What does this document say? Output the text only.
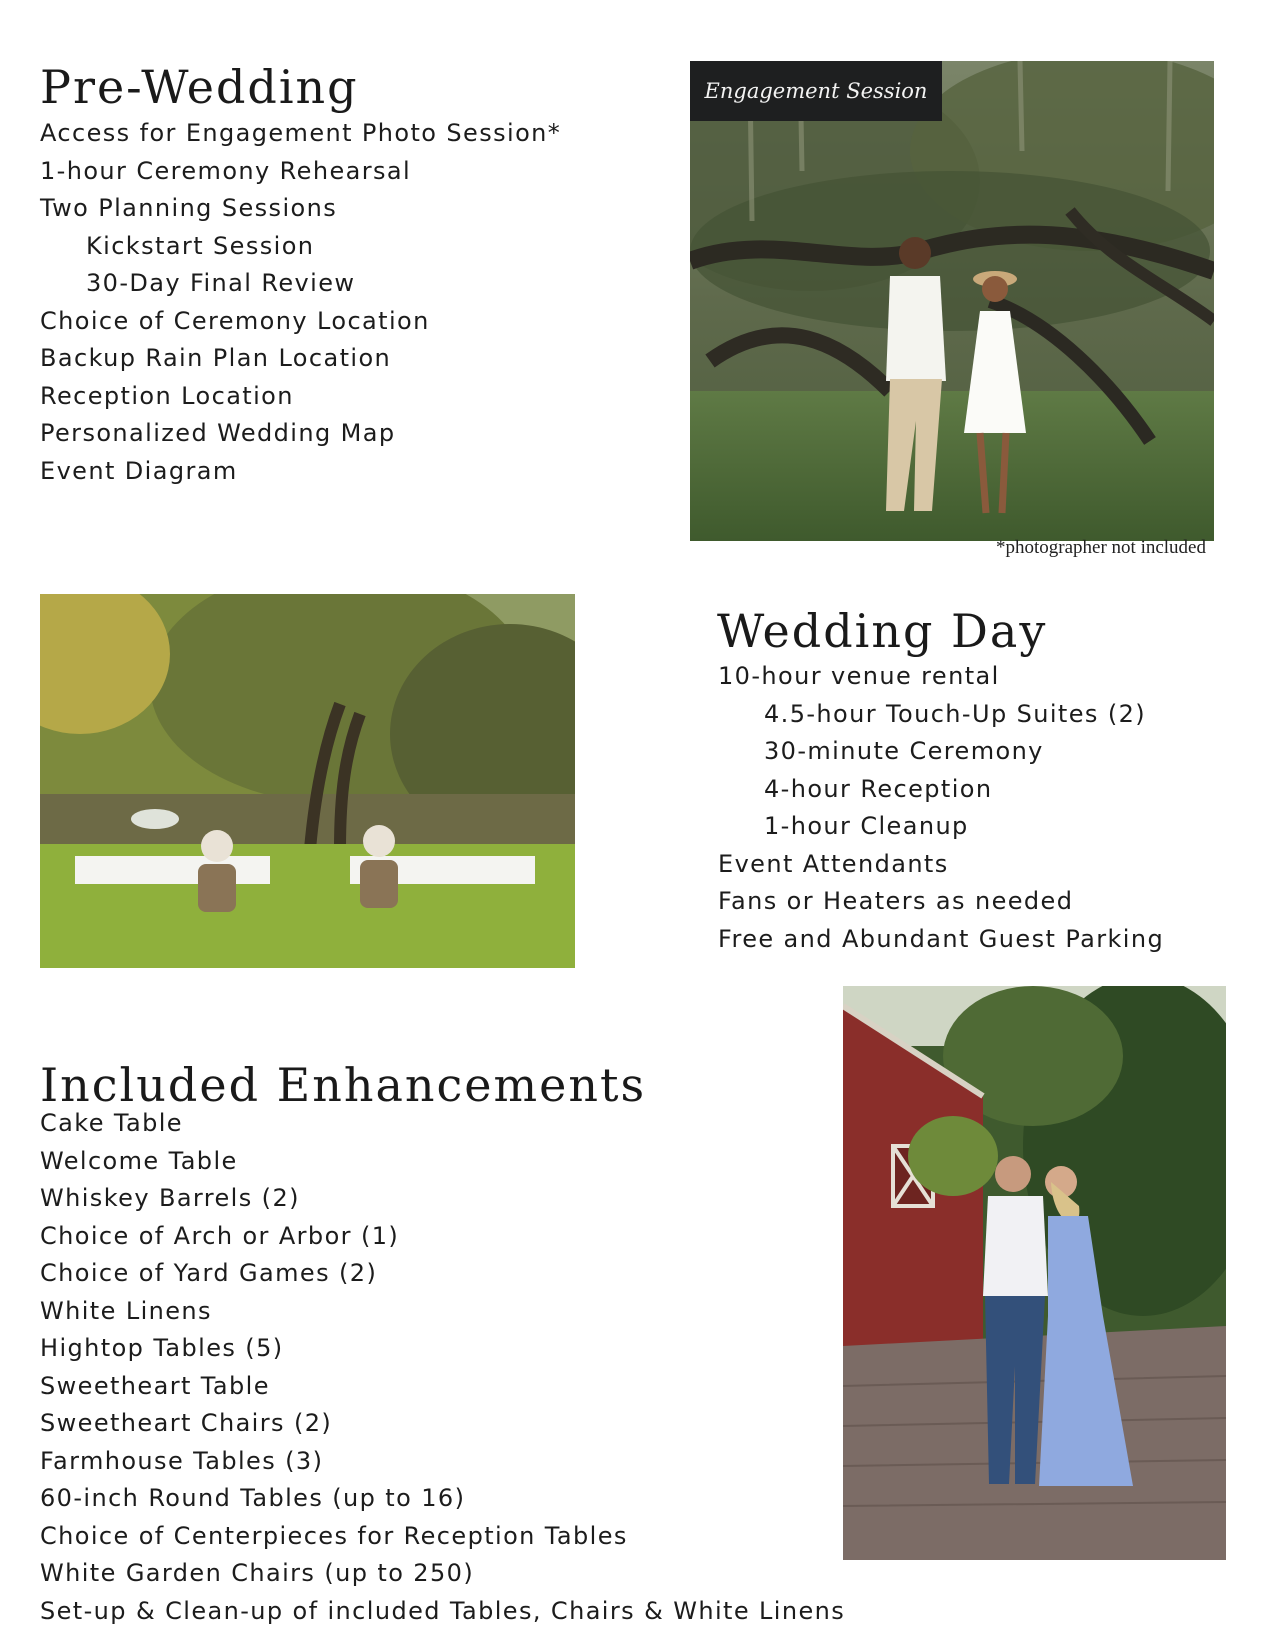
Pre-Wedding
Access for Engagement Photo Session*
1-hour Ceremony Rehearsal
Two Planning Sessions
Kickstart Session
30-Day Final Review
Choice of Ceremony Location
Backup Rain Plan Location
Reception Location
Personalized Wedding Map
Event Diagram
Engagement Session
*photographer not included
Wedding Day
10-hour venue rental
4.5-hour Touch-Up Suites (2)
30-minute Ceremony
4-hour Reception
1-hour Cleanup
Event Attendants
Fans or Heaters as needed
Free and Abundant Guest Parking
Included Enhancements
Cake Table
Welcome Table
Whiskey Barrels (2)
Choice of Arch or Arbor (1)
Choice of Yard Games (2)
White Linens
Hightop Tables (5)
Sweetheart Table
Sweetheart Chairs (2)
Farmhouse Tables (3)
60-inch Round Tables (up to 16)
Choice of Centerpieces for Reception Tables
White Garden Chairs (up to 250)
Set-up & Clean-up of included Tables, Chairs & White Linens
